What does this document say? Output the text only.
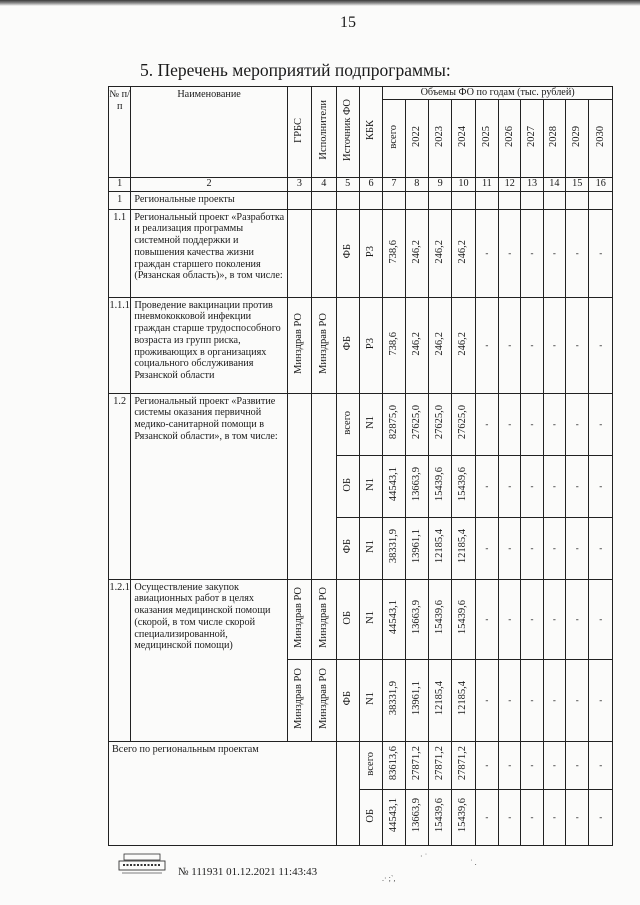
15
5. Перечень мероприятий подпрограммы:
№ п/п	Наименование	ГРБС	Исполнители	Источник ФО	КБК	Объемы ФО по годам (тыс. рублей)									
						всего	2022	2023	2024	2025	2026	2027	2028	2029	2030
1	2	3	4	5	6	7	8	9	10	11	12	13	14	15	16
1	Региональные проекты														
1.1	Региональный проект «Разработка и реализация программы системной поддержки и повышения качества жизни граждан старшего поколения (Рязанская область)», в том числе:			ФБ	P3	738,6	246,2	246,2	246,2	-	-	-	-	-	-
1.1.1	Проведение вакцинации против пневмококковой инфекции граждан старше трудоспособного возраста из групп риска, проживающих в организациях социального обслуживания Рязанской области	Минздрав РО	Минздрав РО	ФБ	P3	738,6	246,2	246,2	246,2	-	-	-	-	-	-
1.2	Региональный проект «Развитие системы оказания первичной медико-санитарной помощи в Рязанской области», в том числе:			всего	N1	82875,0	27625,0	27625,0	27625,0	-	-	-	-	-	-
				ОБ	N1	44543,1	13663,9	15439,6	15439,6	-	-	-	-	-	-
				ФБ	N1	38331,9	13961,1	12185,4	12185,4	-	-	-	-	-	-
1.2.1	Осуществление закупок авиационных работ в целях оказания медицинской помощи (скорой, в том числе скорой специализированной, медицинской помощи)	Минздрав РО	Минздрав РО	ОБ	N1	44543,1	13663,9	15439,6	15439,6	-	-	-	-	-	-
		Минздрав РО	Минздрав РО	ФБ	N1	38331,9	13961,1	12185,4	12185,4	-	-	-	-	-	-
Всего по региональным проектам					всего	83613,6	27871,2	27871,2	27871,2	-	-	-	-	-	-
					ОБ	44543,1	13663,9	15439,6	15439,6	-	-	-	-	-	-
№ 111931 01.12.2021 11:43:43
· ˙
˙ .
.· ;ˋ,
